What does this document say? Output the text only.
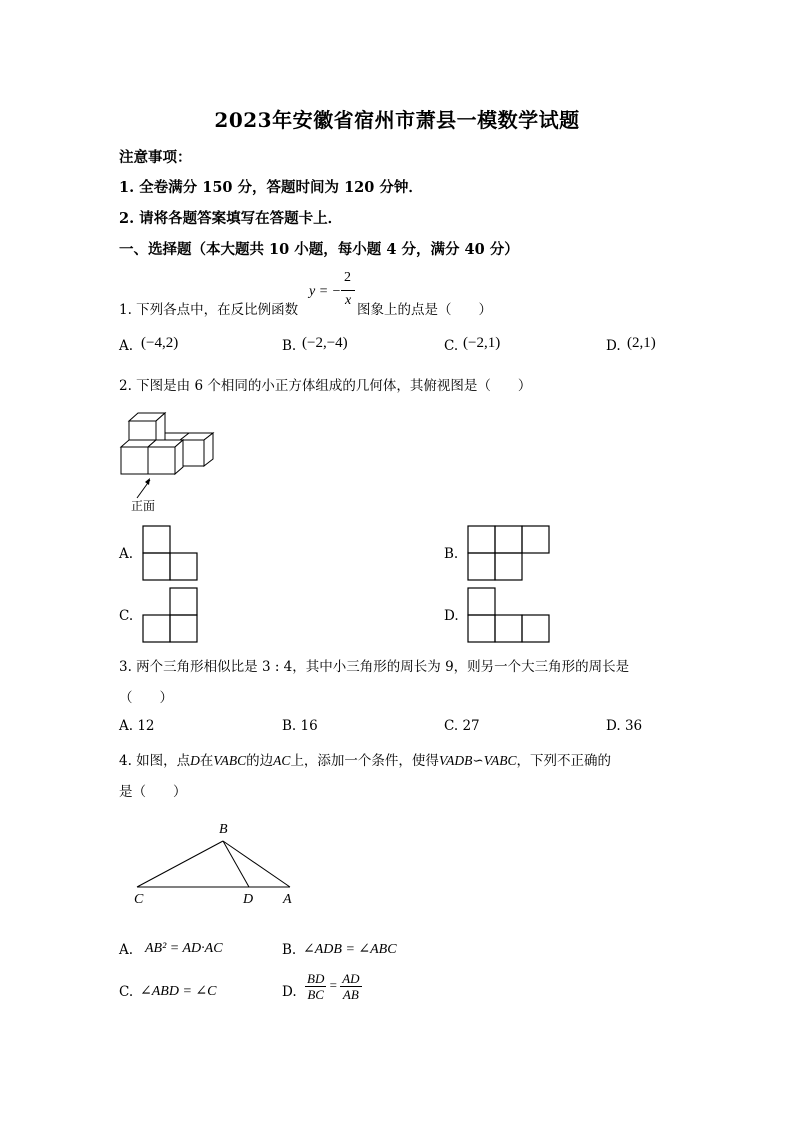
2023年安徽省宿州市萧县一模数学试题
注意事项：
1. 全卷满分 150 分，答题时间为 120 分钟．
2. 请将各题答案填写在答题卡上．
一、选择题（本大题共 10 小题，每小题 4 分，满分 40 分）
1. 下列各点中，在反比例函数
y = −
2
x
图象上的点是（　　）
A. (−4,2)	B. (−2,−4)	C. (−2,1)	D. (2,1)
2. 下图是由 6 个相同的小正方体组成的几何体，其俯视图是（　　）
正面
A.	B.
C.	D.
3. 两个三角形相似比是 3 : 4，其中小三角形的周长为 9，则另一个大三角形的周长是
（　　）
A. 12	B. 16	C. 27	D. 36
4. 如图，点D在VABC的边AC上，添加一个条件，使得VADB∽VABC，下列不正确的
是（　　）
B
C	D A
A. AB² = AD·AC	B. ∠ADB = ∠ABC
C. ∠ABD = ∠C	D. $\frac{BD}{BC} = \frac{AD}{AB}$
